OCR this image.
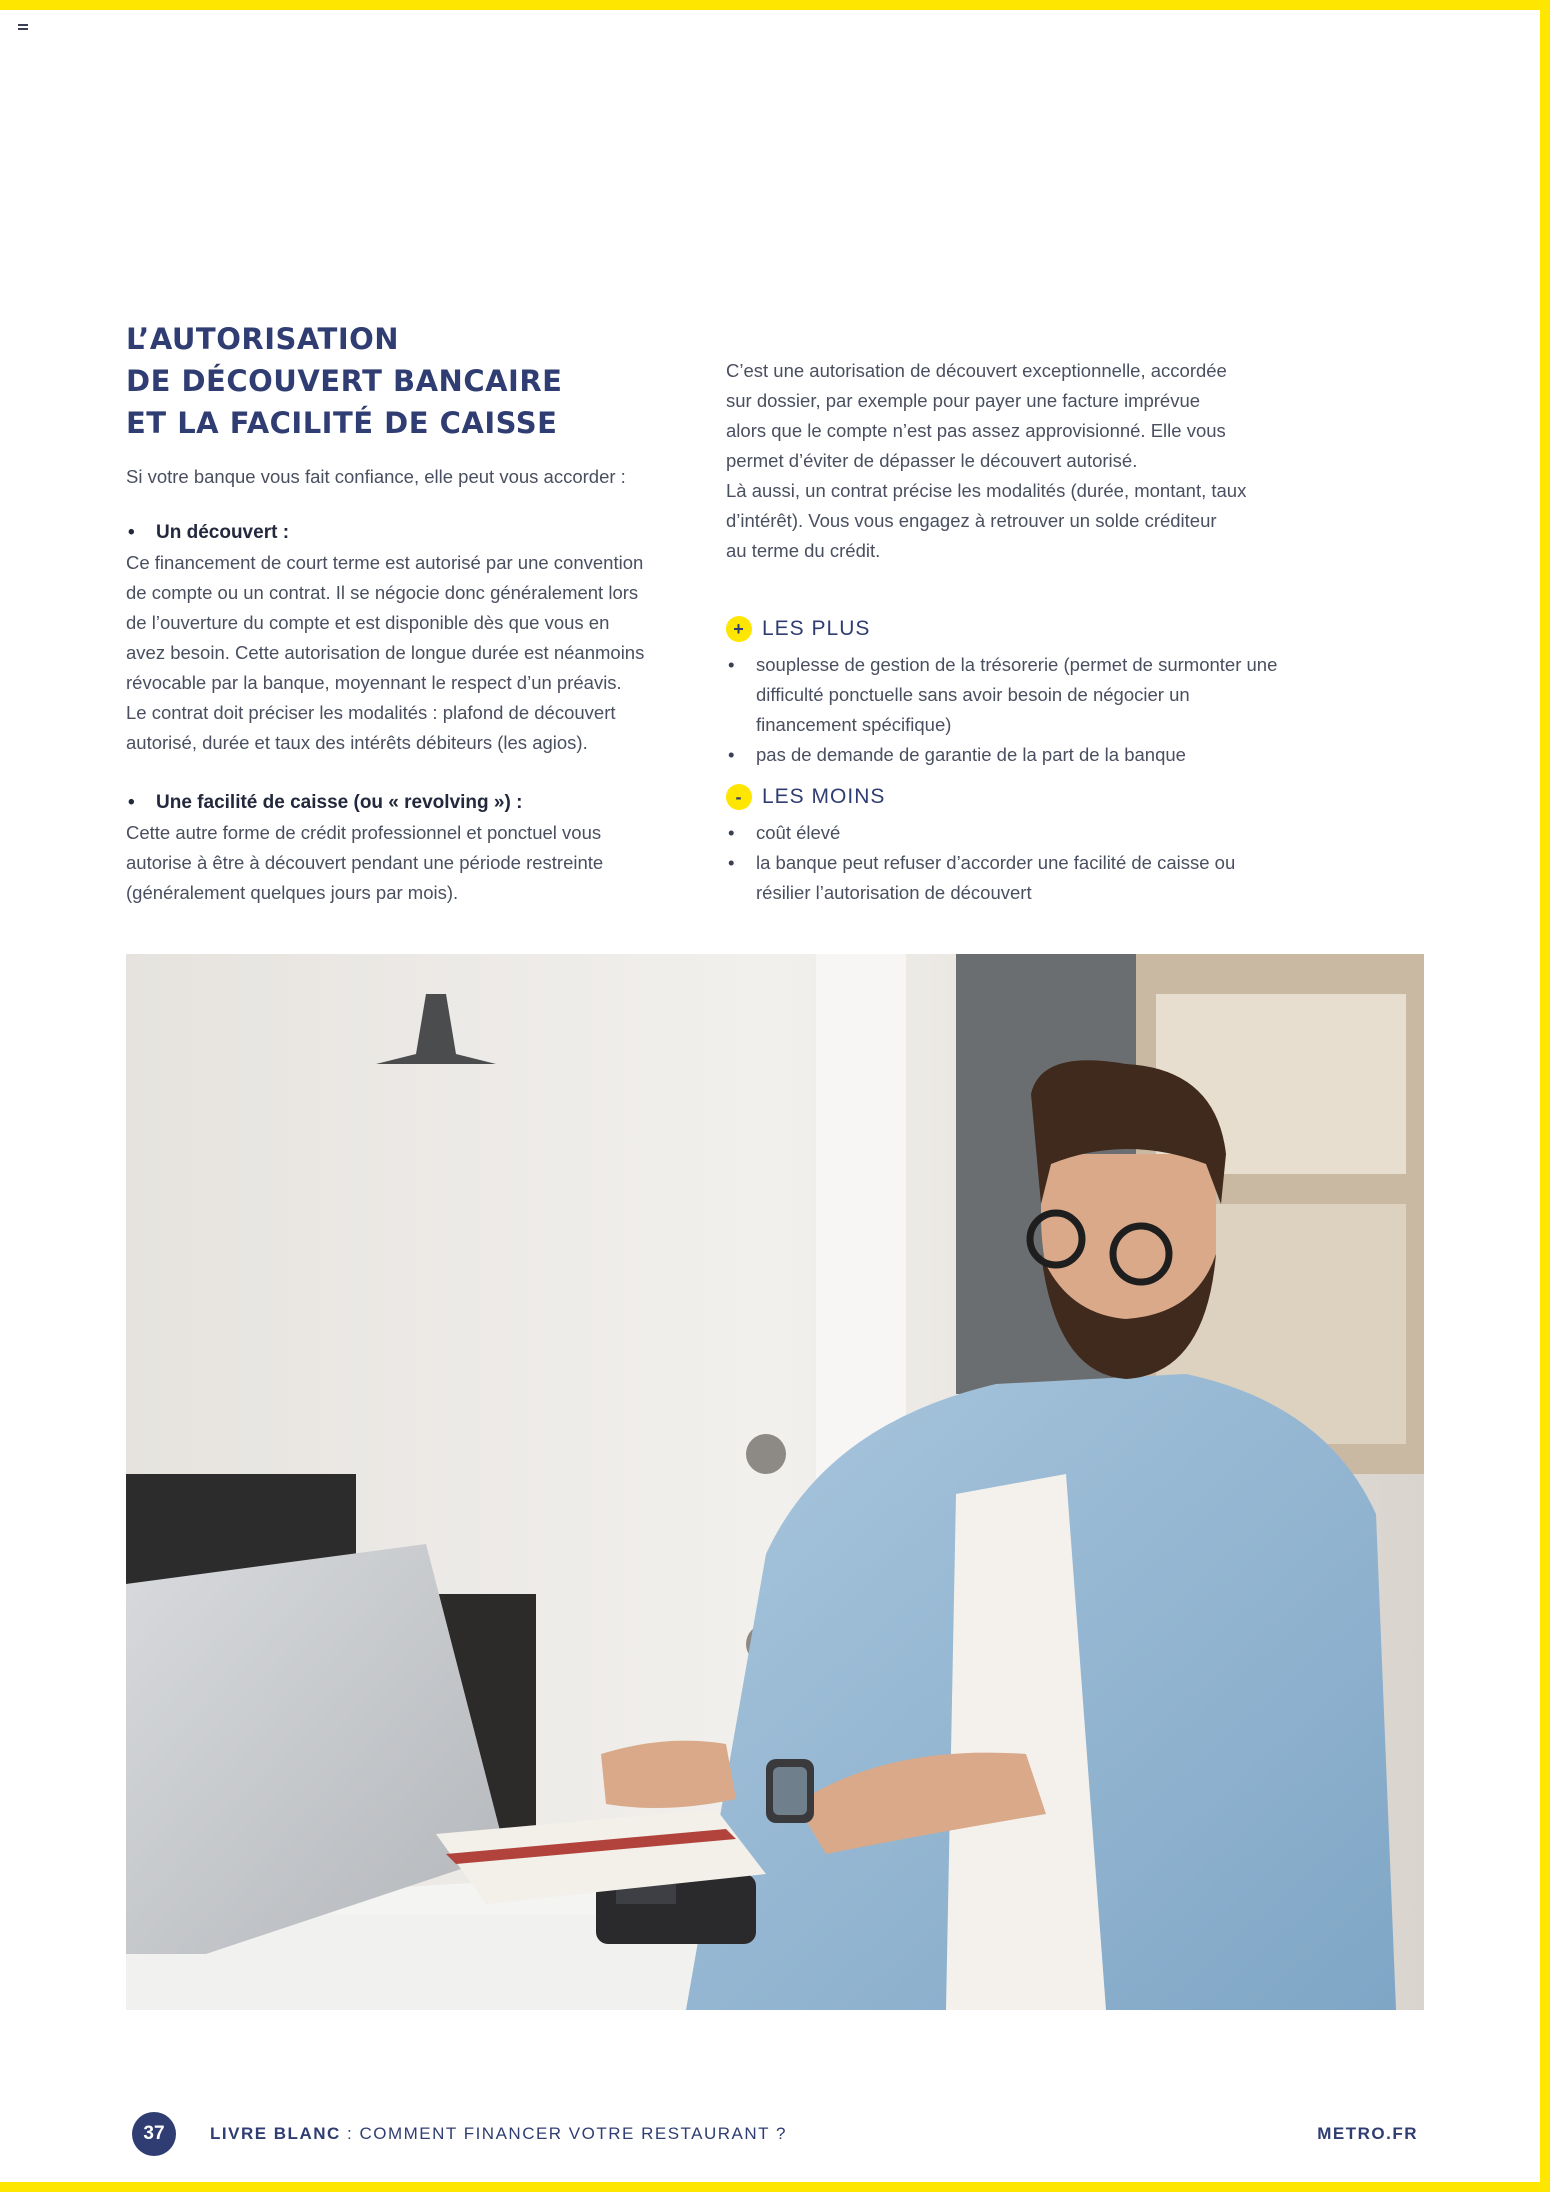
L’AUTORISATION
DE DÉCOUVERT BANCAIRE
ET LA FACILITÉ DE CAISSE

Si votre banque vous fait confiance, elle peut vous accorder :

• Un découvert :
Ce financement de court terme est autorisé par une convention
de compte ou un contrat. Il se négocie donc généralement lors
de l’ouverture du compte et est disponible dès que vous en
avez besoin. Cette autorisation de longue durée est néanmoins
révocable par la banque, moyennant le respect d’un préavis.
Le contrat doit préciser les modalités : plafond de découvert
autorisé, durée et taux des intérêts débiteurs (les agios).
• Une facilité de caisse (ou « revolving ») :
Cette autre forme de crédit professionnel et ponctuel vous
autorise à être à découvert pendant une période restreinte
(généralement quelques jours par mois).
C’est une autorisation de découvert exceptionnelle, accordée
sur dossier, par exemple pour payer une facture imprévue
alors que le compte n’est pas assez approvisionné. Elle vous
permet d’éviter de dépasser le découvert autorisé.
Là aussi, un contrat précise les modalités (durée, montant, taux
d’intérêt). Vous vous engagez à retrouver un solde créditeur
au terme du crédit.
+ LES PLUS
• souplesse de gestion de la trésorerie (permet de surmonter une difficulté ponctuelle sans avoir besoin de négocier un financement spécifique)
• pas de demande de garantie de la part de la banque
- LES MOINS
• coût élevé
• la banque peut refuser d’accorder une facilité de caisse ou résilier l’autorisation de découvert
37	LIVRE BLANC : COMMENT FINANCER VOTRE RESTAURANT ?	METRO.FR
